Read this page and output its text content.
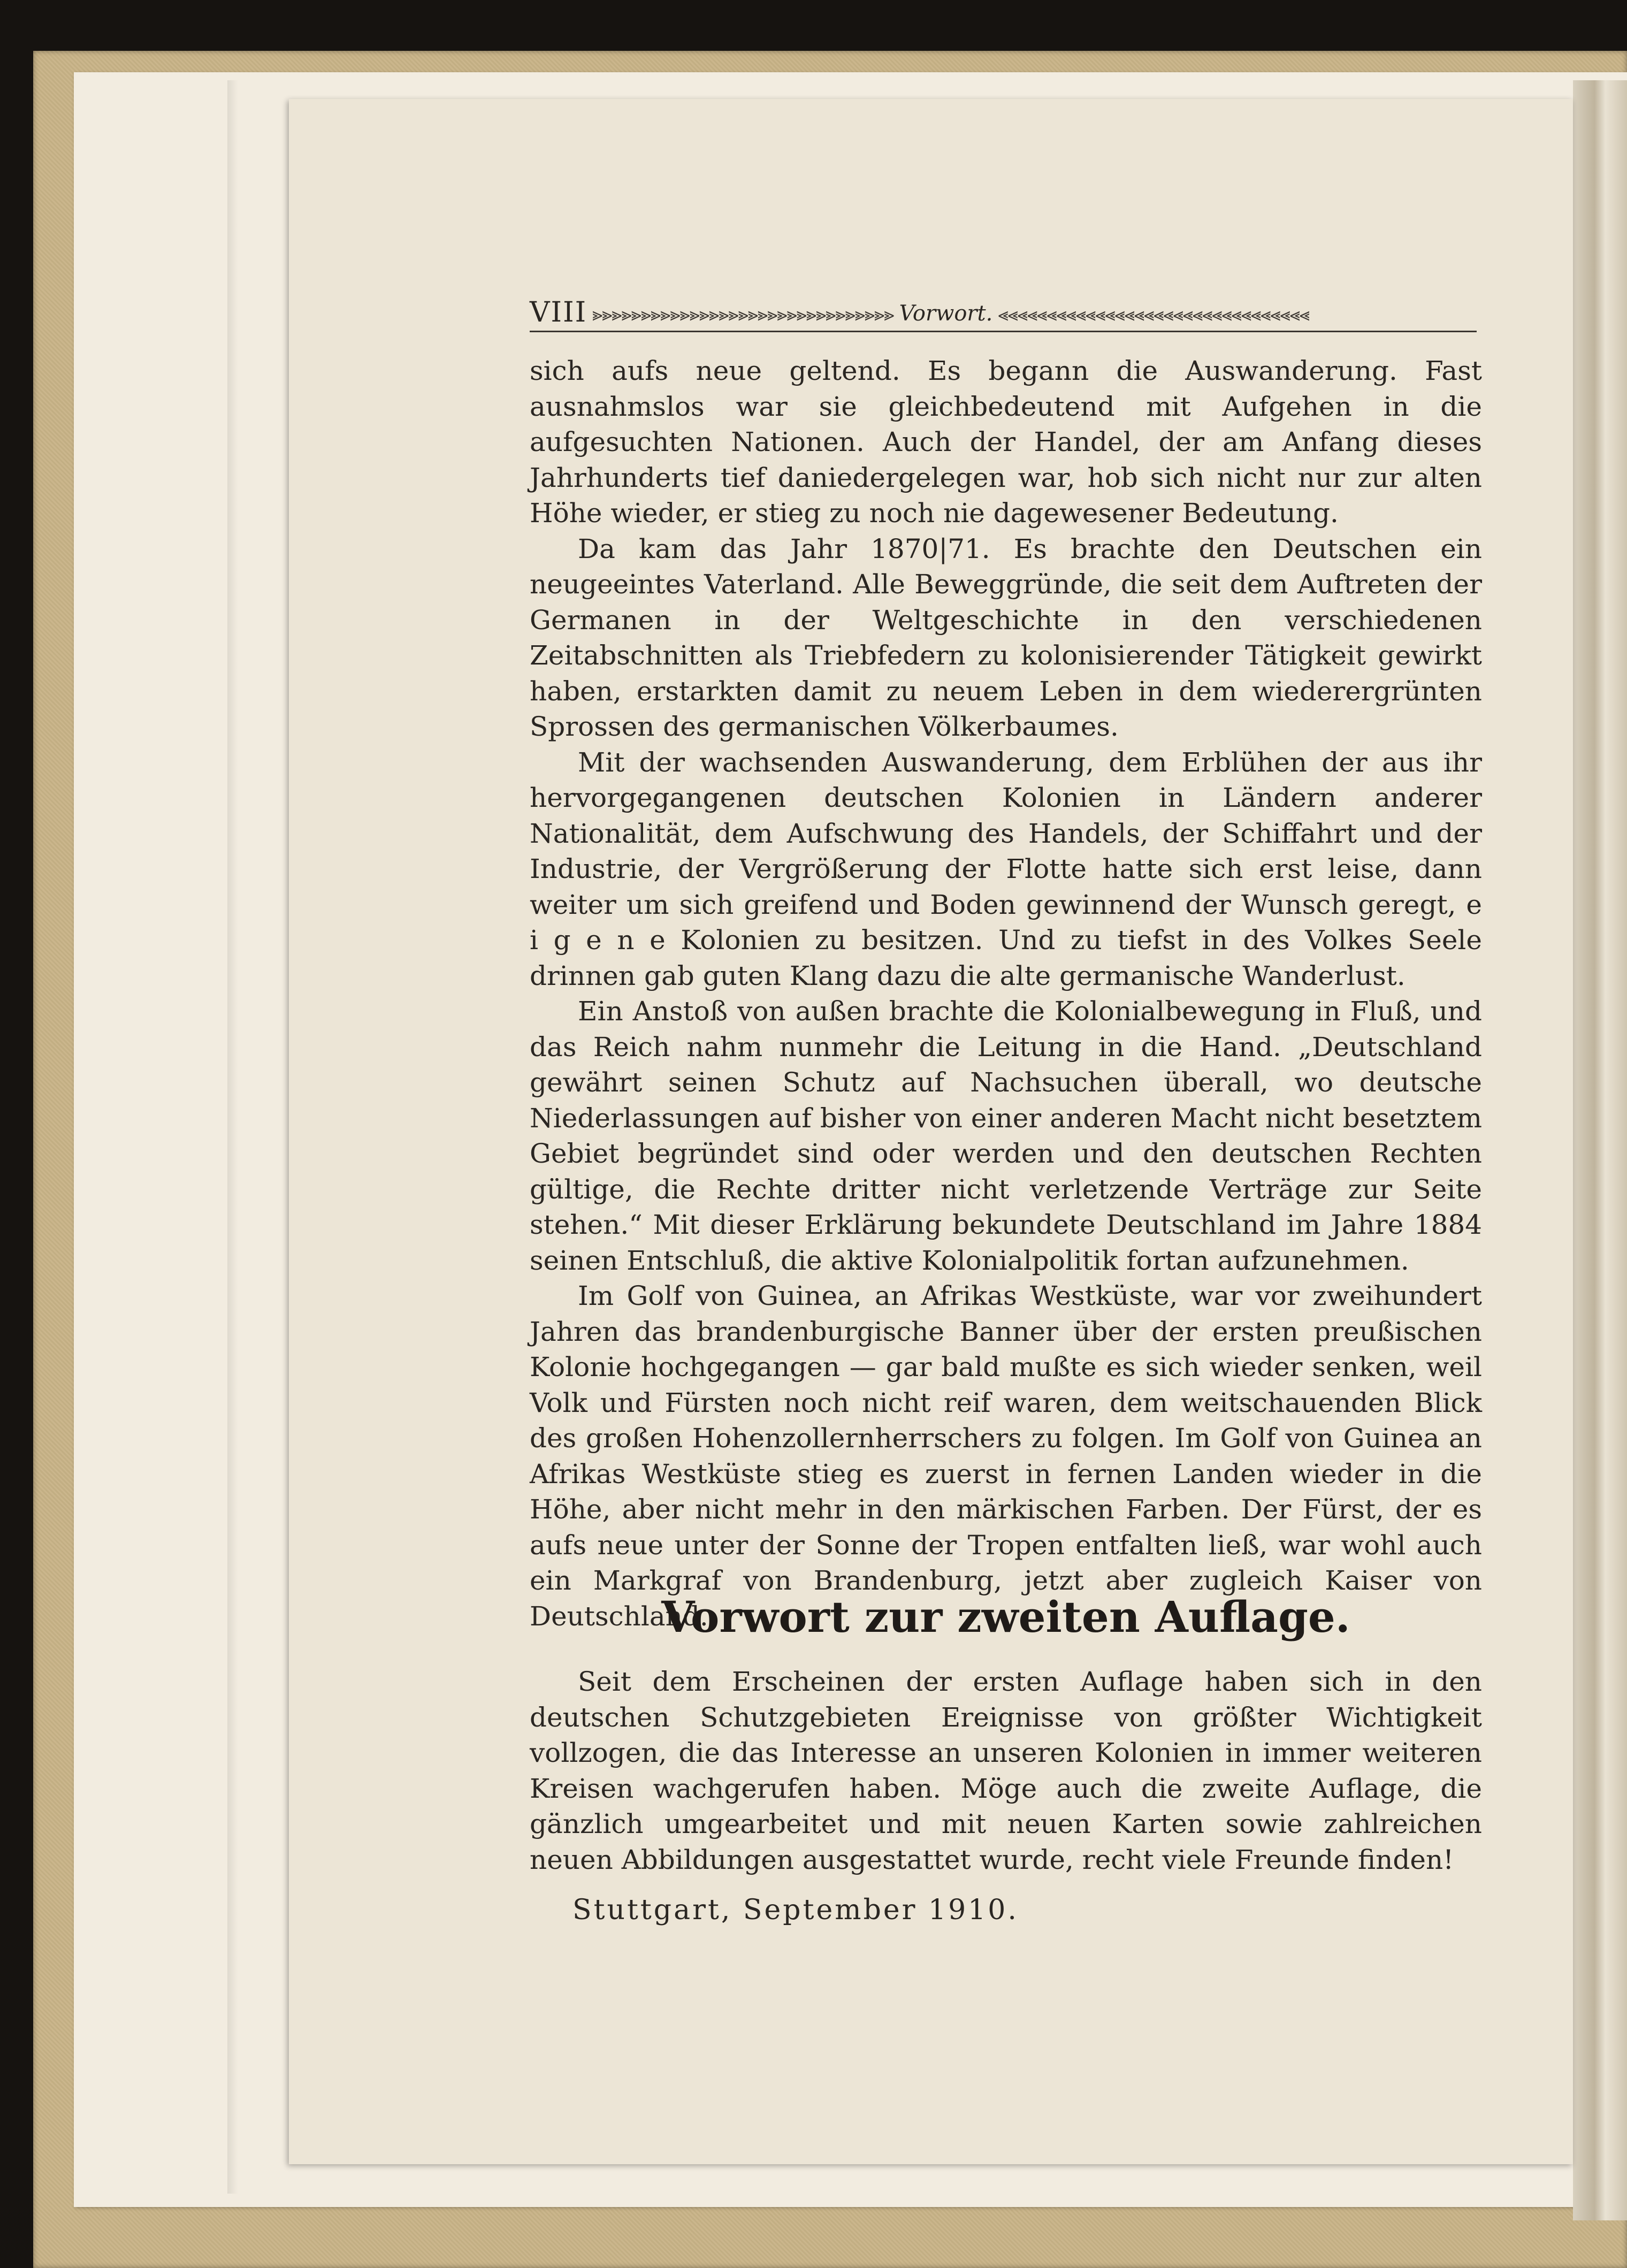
VIII ⪢⪢⪢⪢⪢⪢⪢⪢⪢⪢⪢⪢⪢⪢⪢⪢⪢⪢⪢⪢⪢⪢⪢⪢⪢⪢⪢⪢⪢⪢⪢ Vorwort. ⪡⪡⪡⪡⪡⪡⪡⪡⪡⪡⪡⪡⪡⪡⪡⪡⪡⪡⪡⪡⪡⪡⪡⪡⪡⪡⪡⪡⪡⪡⪡⪡

sich aufs neue geltend. Es begann die Auswanderung. Fast ausnahmslos war sie gleichbedeutend mit Aufgehen in die aufgesuchten Nationen. Auch der Handel, der am Anfang dieses Jahrhunderts tief daniedergelegen war, hob sich nicht nur zur alten Höhe wieder, er stieg zu noch nie dagewesener Bedeutung.

Da kam das Jahr 1870|71. Es brachte den Deutschen ein neugeeintes Vaterland. Alle Beweggründe, die seit dem Auftreten der Germanen in der Weltgeschichte in den verschiedenen Zeitabschnitten als Triebfedern zu kolonisierender Tätigkeit gewirkt haben, erstarkten damit zu neuem Leben in dem wiederergrünten Sprossen des germanischen Völkerbaumes.

Mit der wachsenden Auswanderung, dem Erblühen der aus ihr hervorgegangenen deutschen Kolonien in Ländern anderer Nationalität, dem Aufschwung des Handels, der Schiffahrt und der Industrie, der Vergrößerung der Flotte hatte sich erst leise, dann weiter um sich greifend und Boden gewinnend der Wunsch geregt, e i g e n e Kolonien zu besitzen. Und zu tiefst in des Volkes Seele drinnen gab guten Klang dazu die alte germanische Wanderlust.

Ein Anstoß von außen brachte die Kolonialbewegung in Fluß, und das Reich nahm nunmehr die Leitung in die Hand. „Deutschland gewährt seinen Schutz auf Nachsuchen überall, wo deutsche Niederlassungen auf bisher von einer anderen Macht nicht besetztem Gebiet begründet sind oder werden und den deutschen Rechten gültige, die Rechte dritter nicht verletzende Verträge zur Seite stehen.“ Mit dieser Erklärung bekundete Deutschland im Jahre 1884 seinen Entschluß, die aktive Kolonialpolitik fortan aufzunehmen.

Im Golf von Guinea, an Afrikas Westküste, war vor zweihundert Jahren das brandenburgische Banner über der ersten preußischen Kolonie hochgegangen — gar bald mußte es sich wieder senken, weil Volk und Fürsten noch nicht reif waren, dem weitschauenden Blick des großen Hohenzollernherrschers zu folgen. Im Golf von Guinea an Afrikas Westküste stieg es zuerst in fernen Landen wieder in die Höhe, aber nicht mehr in den märkischen Farben. Der Fürst, der es aufs neue unter der Sonne der Tropen entfalten ließ, war wohl auch ein Markgraf von Brandenburg, jetzt aber zugleich Kaiser von Deutschland.

Vorwort zur zweiten Auflage.

Seit dem Erscheinen der ersten Auflage haben sich in den deutschen Schutzgebieten Ereignisse von größter Wichtigkeit vollzogen, die das Interesse an unseren Kolonien in immer weiteren Kreisen wachgerufen haben. Möge auch die zweite Auflage, die gänzlich umgearbeitet und mit neuen Karten sowie zahlreichen neuen Abbildungen ausgestattet wurde, recht viele Freunde finden!

Stuttgart, September 1910.
